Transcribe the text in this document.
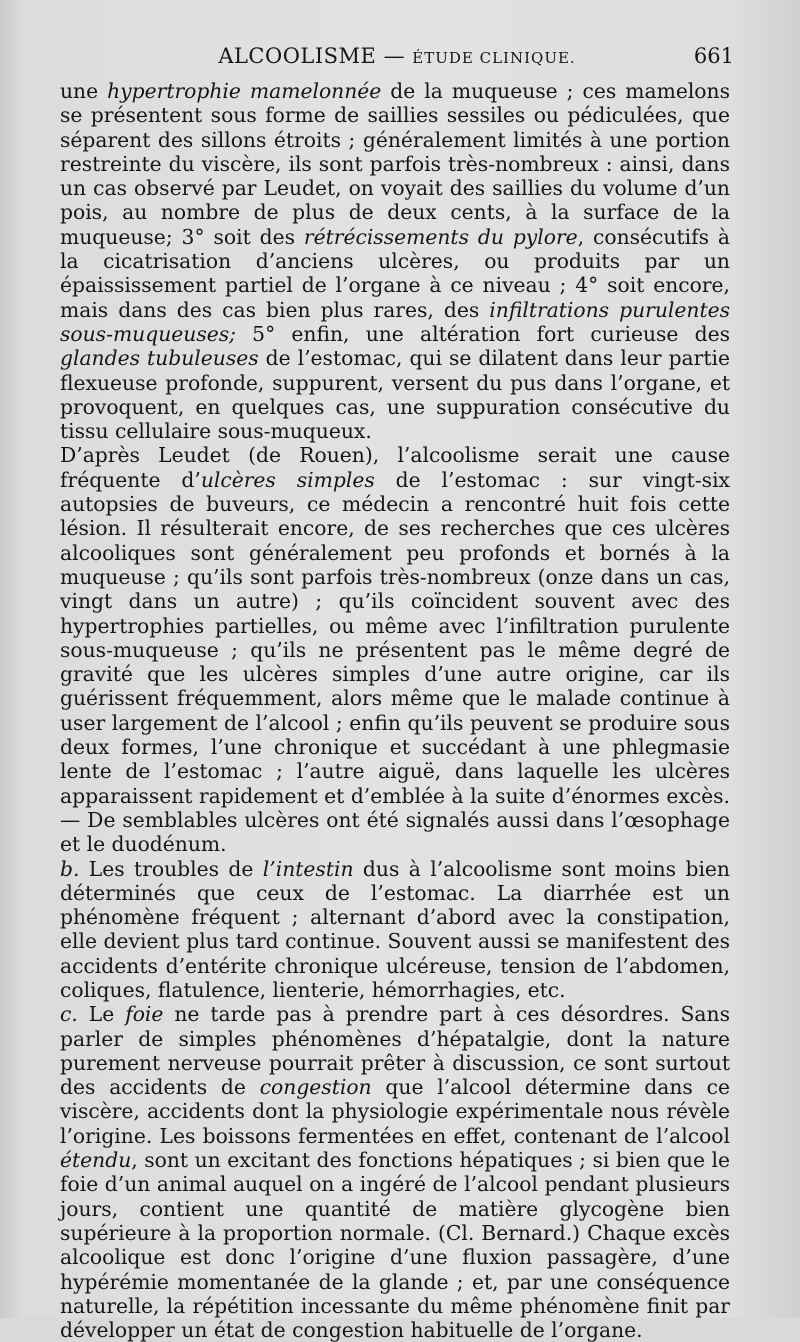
ALCOOLISME — ÉTUDE CLINIQUE.	661

une hypertrophie mamelonnée de la muqueuse ; ces mamelons se présentent sous forme de saillies sessiles ou pédiculées, que séparent des sillons étroits ; généralement limités à une portion restreinte du viscère, ils sont parfois très-nombreux : ainsi, dans un cas observé par Leudet, on voyait des saillies du volume d’un pois, au nombre de plus de deux cents, à la surface de la muqueuse; 3° soit des rétrécissements du pylore, consécutifs à la cicatrisation d’anciens ulcères, ou produits par un épaississement partiel de l’organe à ce niveau ; 4° soit encore, mais dans des cas bien plus rares, des infiltrations purulentes sous-muqueuses; 5° enfin, une altération fort curieuse des glandes tubuleuses de l’estomac, qui se dilatent dans leur partie flexueuse profonde, suppurent, versent du pus dans l’organe, et provoquent, en quelques cas, une suppuration consécutive du tissu cellulaire sous-muqueux.

D’après Leudet (de Rouen), l’alcoolisme serait une cause fréquente d’ulcères simples de l’estomac : sur vingt-six autopsies de buveurs, ce médecin a rencontré huit fois cette lésion. Il résulterait encore, de ses recherches que ces ulcères alcooliques sont généralement peu profonds et bornés à la muqueuse ; qu’ils sont parfois très-nombreux (onze dans un cas, vingt dans un autre) ; qu’ils coïncident souvent avec des hypertrophies partielles, ou même avec l’infiltration purulente sous-muqueuse ; qu’ils ne présentent pas le même degré de gravité que les ulcères simples d’une autre origine, car ils guérissent fréquemment, alors même que le malade continue à user largement de l’alcool ; enfin qu’ils peuvent se produire sous deux formes, l’une chronique et succédant à une phlegmasie lente de l’estomac ; l’autre aiguë, dans laquelle les ulcères apparaissent rapidement et d’emblée à la suite d’énormes excès. — De semblables ulcères ont été signalés aussi dans l’œsophage et le duodénum.

b. Les troubles de l’intestin dus à l’alcoolisme sont moins bien déterminés que ceux de l’estomac. La diarrhée est un phénomène fréquent ; alternant d’abord avec la constipation, elle devient plus tard continue. Souvent aussi se manifestent des accidents d’entérite chronique ulcéreuse, tension de l’abdomen, coliques, flatulence, lienterie, hémorrhagies, etc.

c. Le foie ne tarde pas à prendre part à ces désordres. Sans parler de simples phénomènes d’hépatalgie, dont la nature purement nerveuse pourrait prêter à discussion, ce sont surtout des accidents de congestion que l’alcool détermine dans ce viscère, accidents dont la physiologie expérimentale nous révèle l’origine. Les boissons fermentées en effet, contenant de l’alcool étendu, sont un excitant des fonctions hépatiques ; si bien que le foie d’un animal auquel on a ingéré de l’alcool pendant plusieurs jours, contient une quantité de matière glycogène bien supérieure à la proportion normale. (Cl. Bernard.) Chaque excès alcoolique est donc l’origine d’une fluxion passagère, d’une hypérémie momentanée de la glande ; et, par une conséquence naturelle, la répétition incessante du même phénomène finit par développer un état de congestion habituelle de l’organe.
